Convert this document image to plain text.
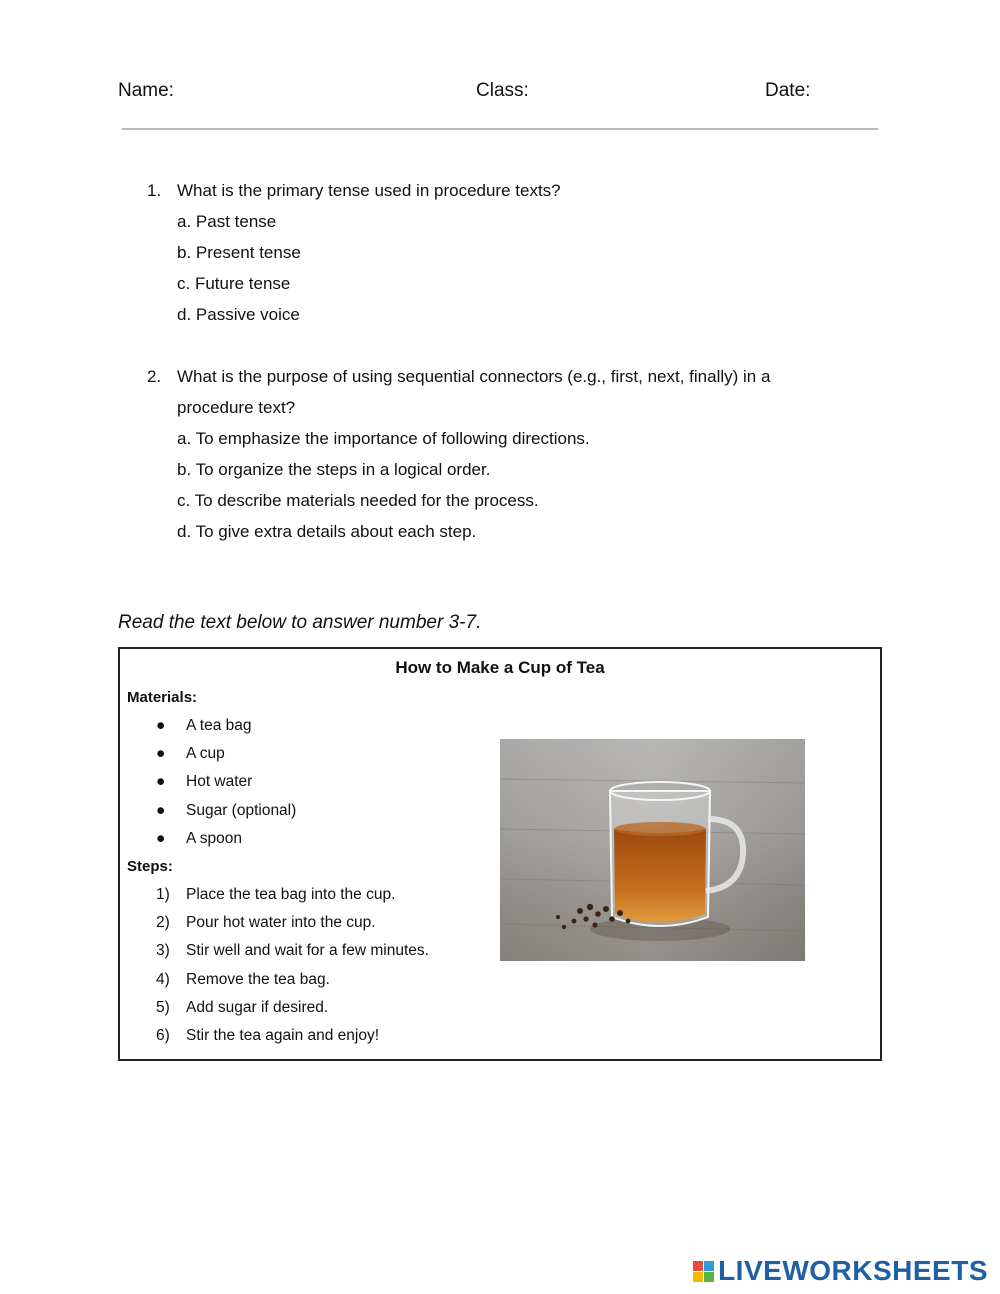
Name:	Class:	Date:
1. What is the primary tense used in procedure texts?
a. Past tense
b. Present tense
c. Future tense
d. Passive voice
2. What is the purpose of using sequential connectors (e.g., first, next, finally) in a procedure text?
a. To emphasize the importance of following directions.
b. To organize the steps in a logical order.
c. To describe materials needed for the process.
d. To give extra details about each step.
Read the text below to answer number 3-7.
How to Make a Cup of Tea
Materials:
●	A tea bag
●	A cup
●	Hot water
●	Sugar (optional)
●	A spoon
Steps:
1)	Place the tea bag into the cup.
2)	Pour hot water into the cup.
3)	Stir well and wait for a few minutes.
4)	Remove the tea bag.
5)	Add sugar if desired.
6)	Stir the tea again and enjoy!
LIVEWORKSHEETS
